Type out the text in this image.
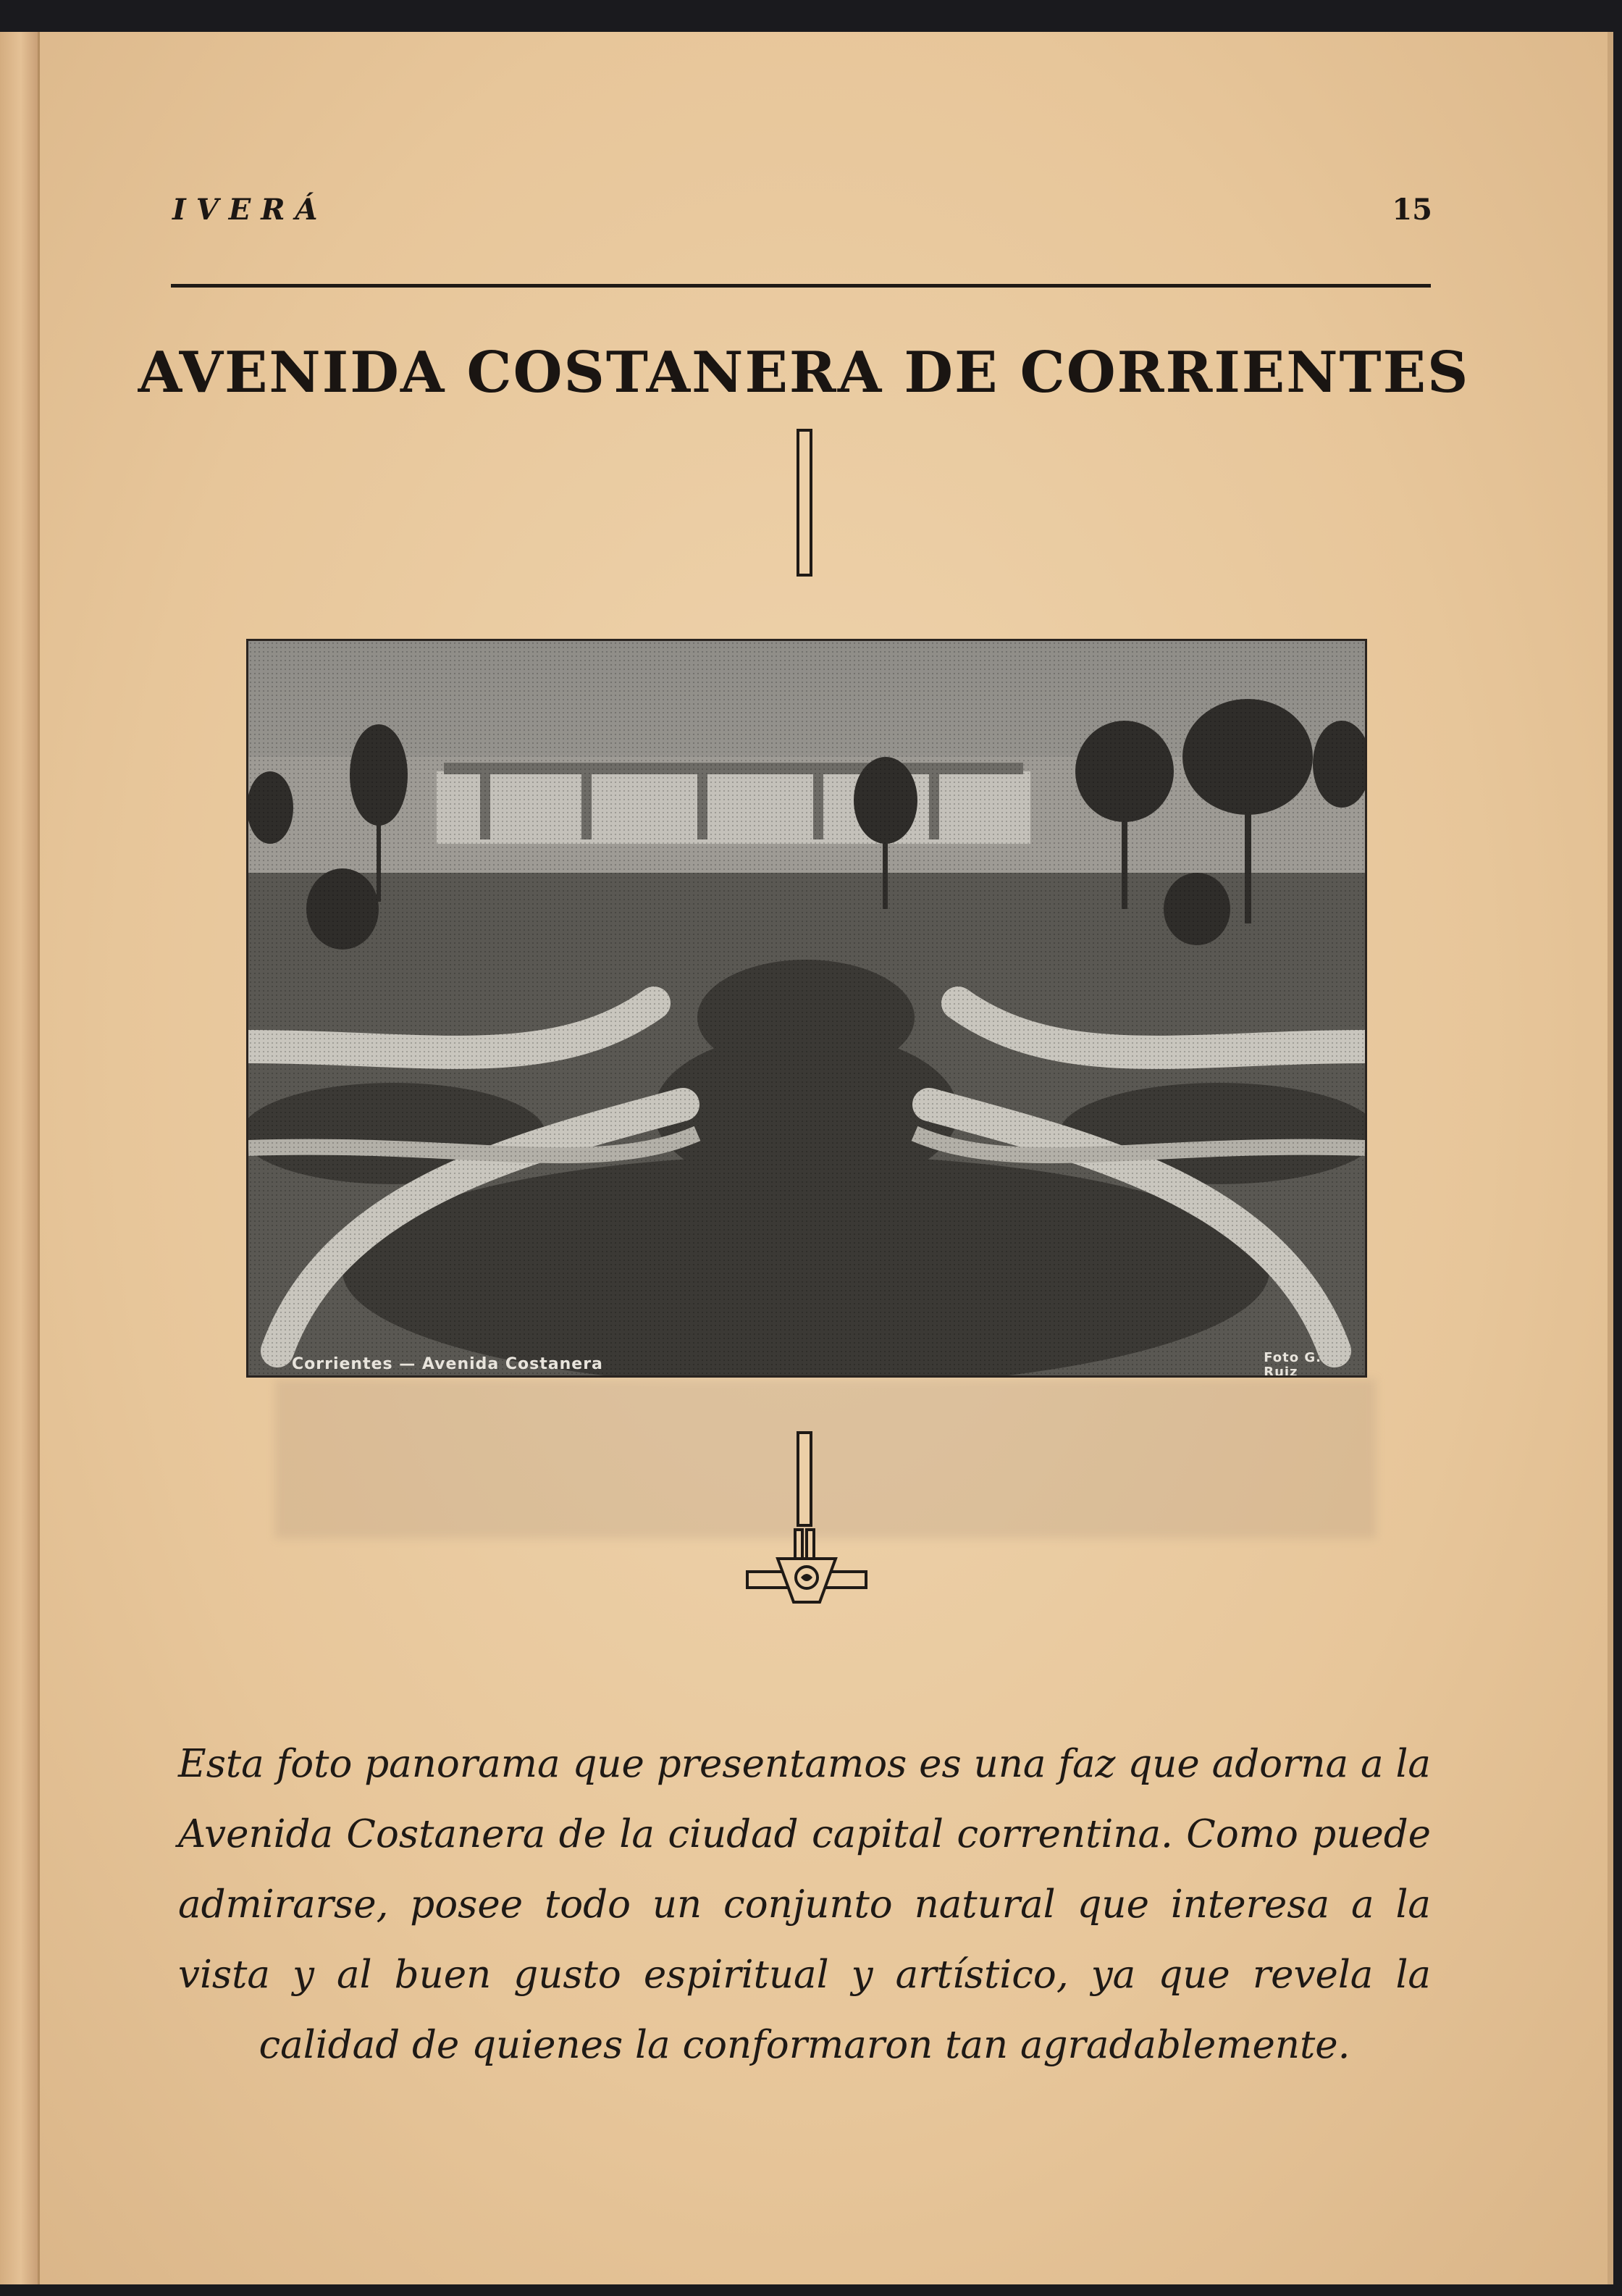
IVERÁ	15
AVENIDA COSTANERA DE CORRIENTES
Corrientes — Avenida Costanera	Foto G.
Ruiz

Esta foto panorama que presentamos es una faz que adorna a la Avenida Costanera de la ciudad capital correntina. Como puede admirarse, posee todo un conjunto natural que interesa a la vista y al buen gusto espiritual y artístico, ya que revela la calidad de quienes la conformaron tan agradablemente.
